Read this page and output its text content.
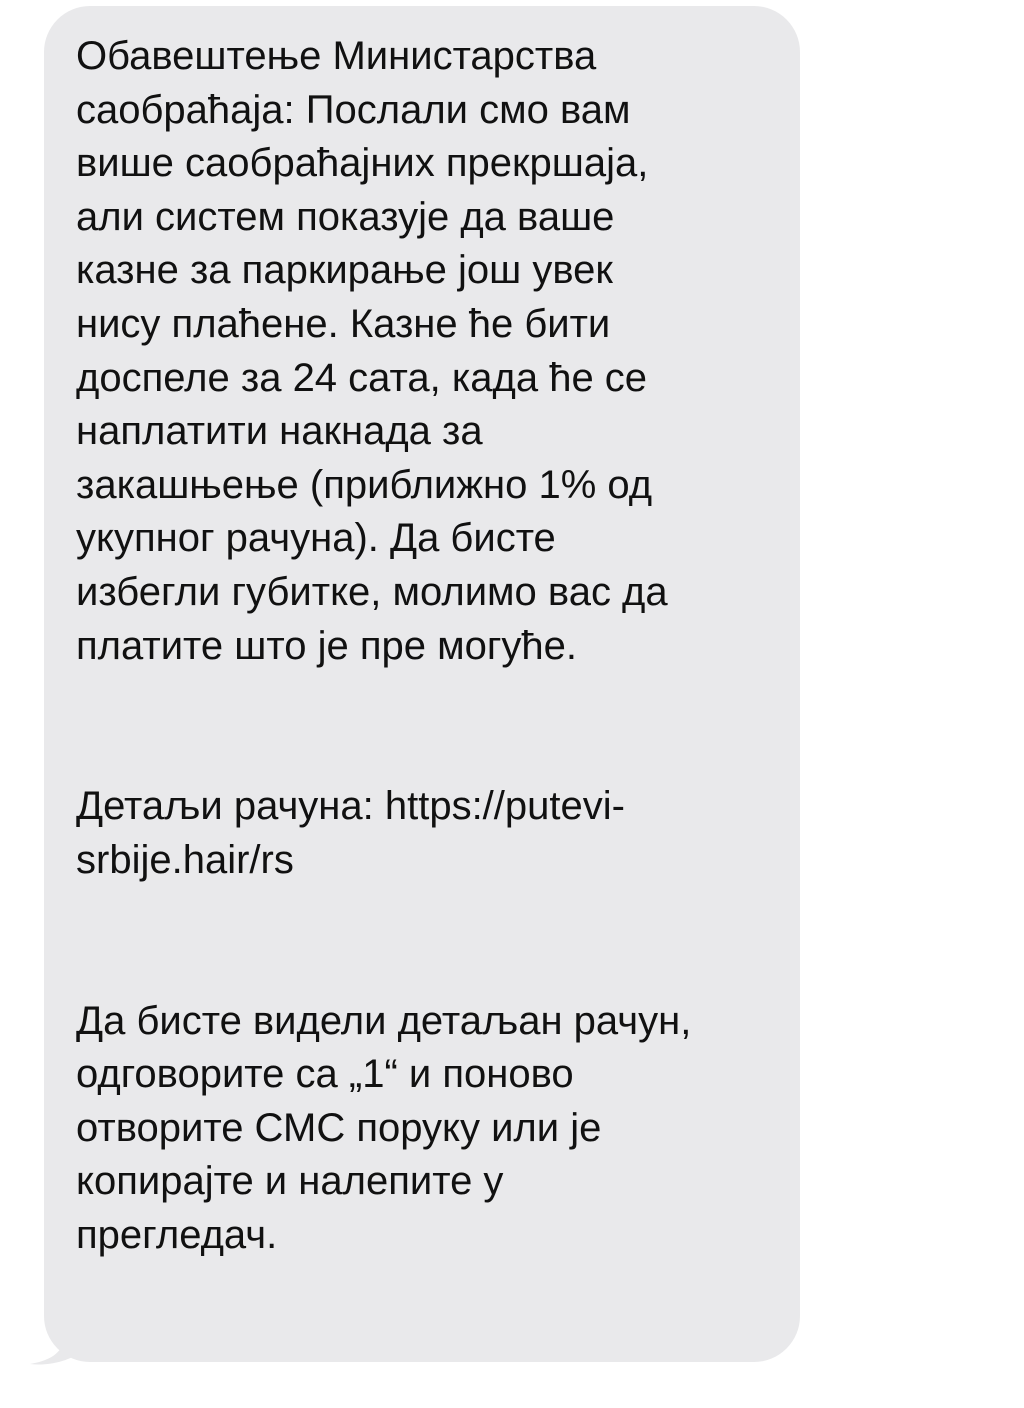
Обавештење Министарства
саобраћаја: Послали смо вам
више саобраћајних прекршаја,
али систем показује да ваше
казне за паркирање још увек
нису плаћене. Казне ће бити
доспеле за 24 сата, када ће се
наплатити накнада за
закашњење (приближно 1% од
укупног рачуна). Да бисте
избегли губитке, молимо вас да
платите што је пре могуће.
Детаљи рачуна: https://putevi-
srbije.hair/rs
Да бисте видели детаљан рачун,
одговорите са „1“ и поново
отворите СМС поруку или је
копирајте и налепите у
прегледач.
